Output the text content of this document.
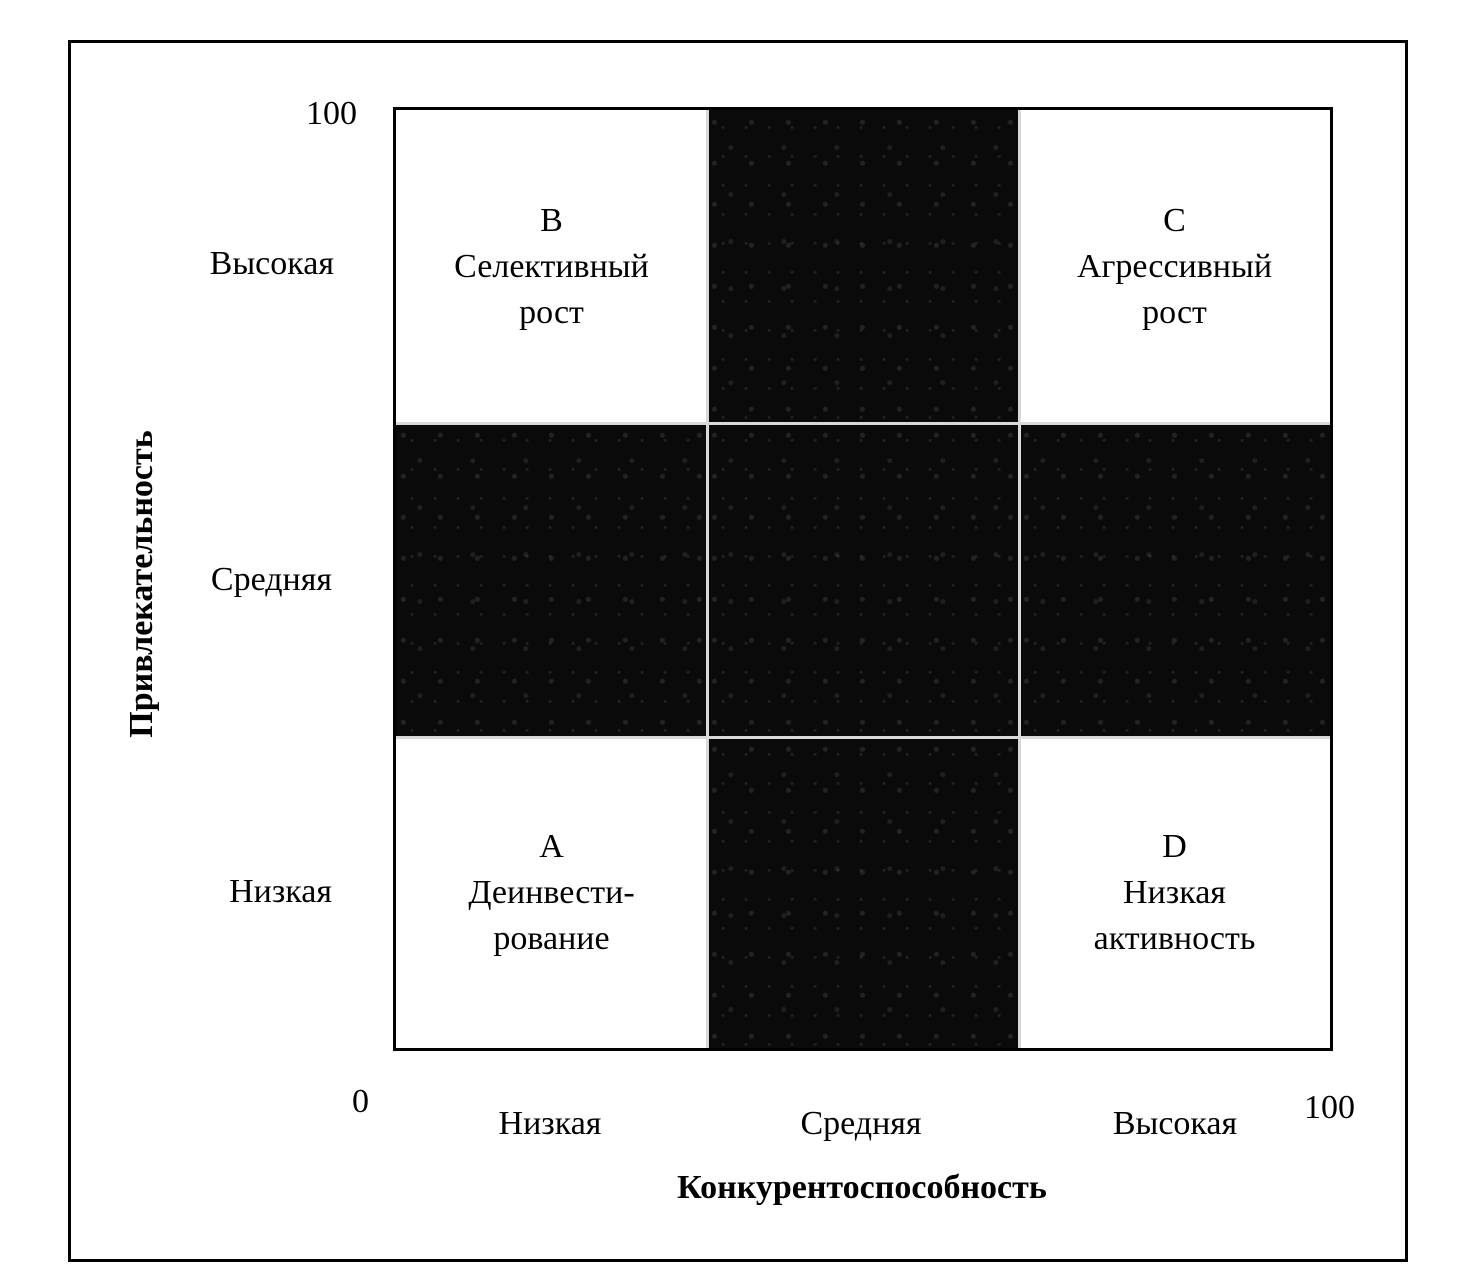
Привлекательность
Высокая
Средняя
Низкая
100
0	100
B
Селективный
рост
C
Агрессивный
рост
A
Деинвести-
рование
D
Низкая
активность
Низкая	Средняя	Высокая
Конкурентоспособность
